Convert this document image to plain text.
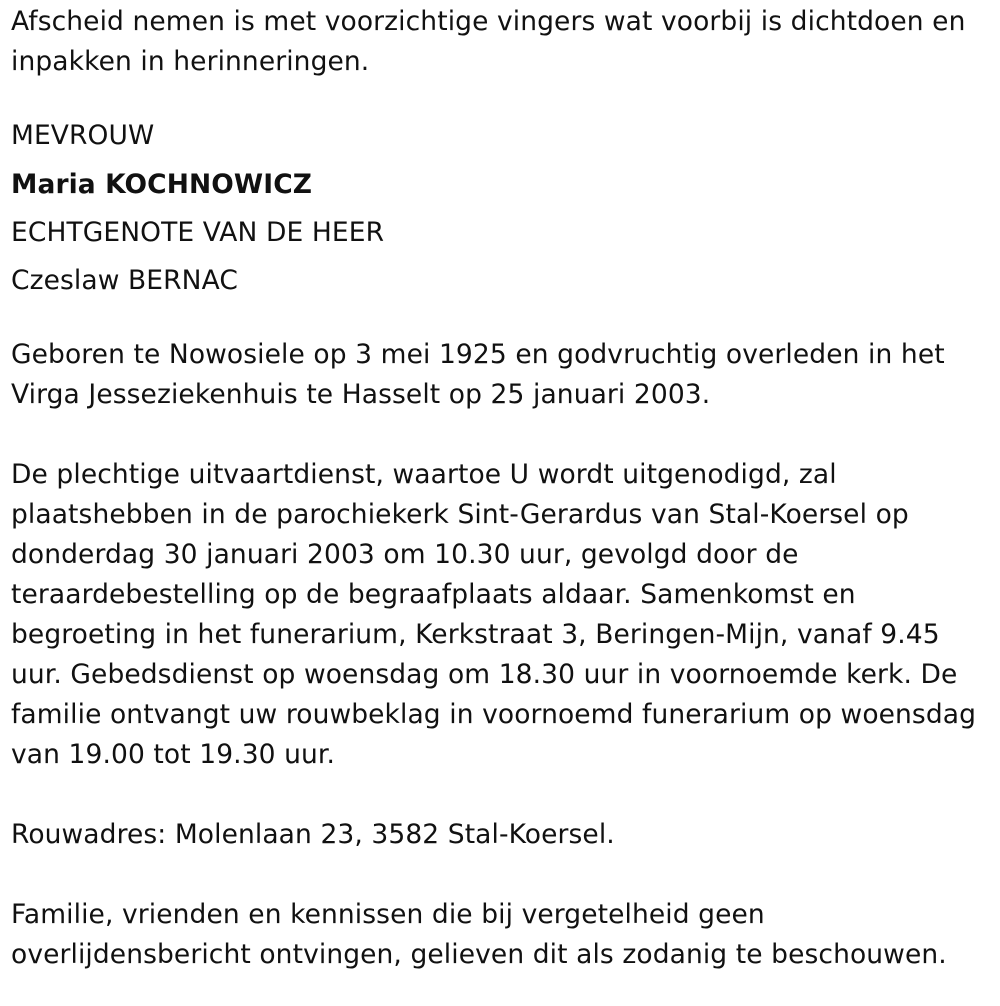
Afscheid nemen is met voorzichtige vingers wat voorbij is dichtdoen en

inpakken in herinneringen.

MEVROUW

Maria KOCHNOWICZ

ECHTGENOTE VAN DE HEER

Czeslaw BERNAC

Geboren te Nowosiele op 3 mei 1925 en godvruchtig overleden in het

Virga Jesseziekenhuis te Hasselt op 25 januari 2003.

De plechtige uitvaartdienst, waartoe U wordt uitgenodigd, zal

plaatshebben in de parochiekerk Sint-Gerardus van Stal-Koersel op

donderdag 30 januari 2003 om 10.30 uur, gevolgd door de

teraardebestelling op de begraafplaats aldaar. Samenkomst en

begroeting in het funerarium, Kerkstraat 3, Beringen-Mijn, vanaf 9.45

uur. Gebedsdienst op woensdag om 18.30 uur in voornoemde kerk. De

familie ontvangt uw rouwbeklag in voornoemd funerarium op woensdag

van 19.00 tot 19.30 uur.

Rouwadres: Molenlaan 23, 3582 Stal-Koersel.

Familie, vrienden en kennissen die bij vergetelheid geen

overlijdensbericht ontvingen, gelieven dit als zodanig te beschouwen.
